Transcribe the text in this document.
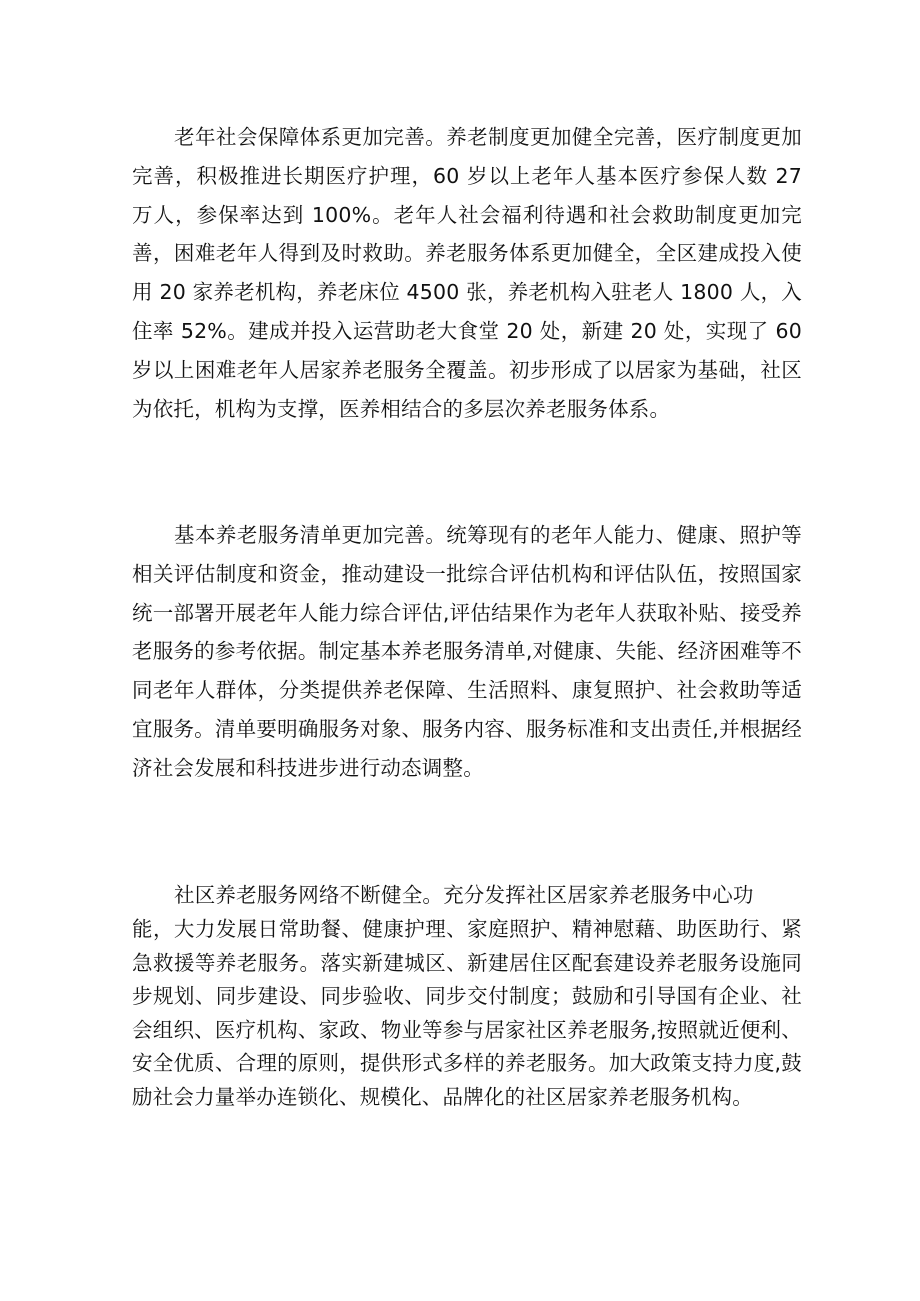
老年社会保障体系更加完善。养老制度更加健全完善，医疗制度更加完善，积极推进长期医疗护理，60 岁以上老年人基本医疗参保人数 27 万人，参保率达到 100%。老年人社会福利待遇和社会救助制度更加完善，困难老年人得到及时救助。养老服务体系更加健全，全区建成投入使用 20 家养老机构，养老床位 4500 张，养老机构入驻老人 1800 人，入住率 52%。建成并投入运营助老大食堂 20 处，新建 20 处，实现了 60 岁以上困难老年人居家养老服务全覆盖。初步形成了以居家为基础，社区为依托，机构为支撑，医养相结合的多层次养老服务体系。

基本养老服务清单更加完善。统筹现有的老年人能力、健康、照护等相关评估制度和资金，推动建设一批综合评估机构和评估队伍，按照国家统一部署开展老年人能力综合评估,评估结果作为老年人获取补贴、接受养老服务的参考依据。制定基本养老服务清单,对健康、失能、经济困难等不同老年人群体，分类提供养老保障、生活照料、康复照护、社会救助等适宜服务。清单要明确服务对象、服务内容、服务标准和支出责任,并根据经济社会发展和科技进步进行动态调整。

社区养老服务网络不断健全。充分发挥社区居家养老服务中心功

能，大力发展日常助餐、健康护理、家庭照护、精神慰藉、助医助行、紧急救援等养老服务。落实新建城区、新建居住区配套建设养老服务设施同步规划、同步建设、同步验收、同步交付制度；鼓励和引导国有企业、社会组织、医疗机构、家政、物业等参与居家社区养老服务,按照就近便利、安全优质、合理的原则，提供形式多样的养老服务。加大政策支持力度,鼓励社会力量举办连锁化、规模化、品牌化的社区居家养老服务机构。
